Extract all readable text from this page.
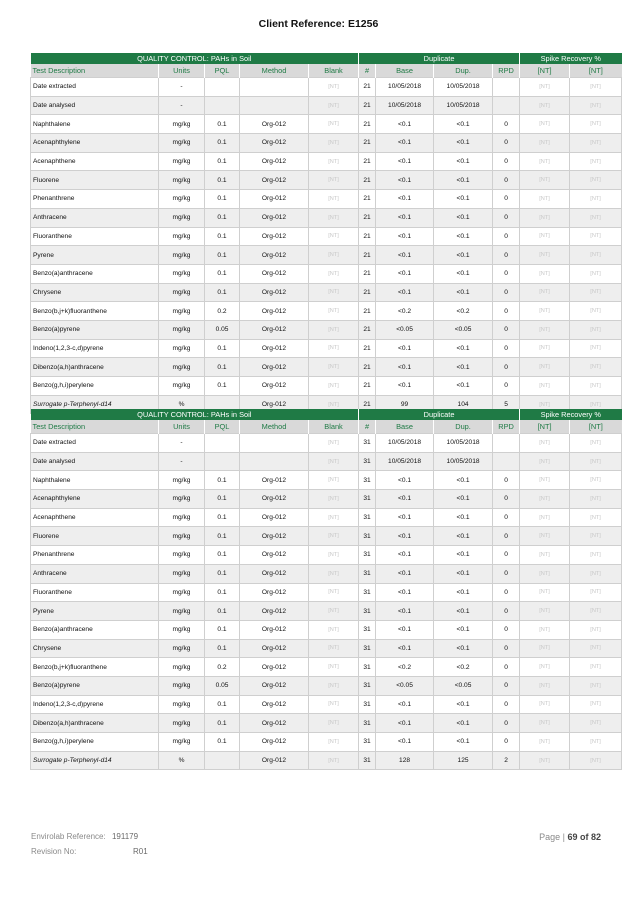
Client Reference: E1256
QUALITY CONTROL: PAHs in Soil					Duplicate				Spike Recovery %	
Test Description	Units	PQL	Method	Blank	#	Base	Dup.	RPD	[NT]	[NT]
Date extracted	-			[NT]	21	10/05/2018	10/05/2018		[NT]	[NT]
Date analysed	-			[NT]	21	10/05/2018	10/05/2018		[NT]	[NT]
Naphthalene	mg/kg	0.1	Org-012	[NT]	21	<0.1	<0.1	0	[NT]	[NT]
Acenaphthylene	mg/kg	0.1	Org-012	[NT]	21	<0.1	<0.1	0	[NT]	[NT]
Acenaphthene	mg/kg	0.1	Org-012	[NT]	21	<0.1	<0.1	0	[NT]	[NT]
Fluorene	mg/kg	0.1	Org-012	[NT]	21	<0.1	<0.1	0	[NT]	[NT]
Phenanthrene	mg/kg	0.1	Org-012	[NT]	21	<0.1	<0.1	0	[NT]	[NT]
Anthracene	mg/kg	0.1	Org-012	[NT]	21	<0.1	<0.1	0	[NT]	[NT]
Fluoranthene	mg/kg	0.1	Org-012	[NT]	21	<0.1	<0.1	0	[NT]	[NT]
Pyrene	mg/kg	0.1	Org-012	[NT]	21	<0.1	<0.1	0	[NT]	[NT]
Benzo(a)anthracene	mg/kg	0.1	Org-012	[NT]	21	<0.1	<0.1	0	[NT]	[NT]
Chrysene	mg/kg	0.1	Org-012	[NT]	21	<0.1	<0.1	0	[NT]	[NT]
Benzo(b,j+k)fluoranthene	mg/kg	0.2	Org-012	[NT]	21	<0.2	<0.2	0	[NT]	[NT]
Benzo(a)pyrene	mg/kg	0.05	Org-012	[NT]	21	<0.05	<0.05	0	[NT]	[NT]
Indeno(1,2,3-c,d)pyrene	mg/kg	0.1	Org-012	[NT]	21	<0.1	<0.1	0	[NT]	[NT]
Dibenzo(a,h)anthracene	mg/kg	0.1	Org-012	[NT]	21	<0.1	<0.1	0	[NT]	[NT]
Benzo(g,h,i)perylene	mg/kg	0.1	Org-012	[NT]	21	<0.1	<0.1	0	[NT]	[NT]
Surrogate p-Terphenyl-d14	%		Org-012	[NT]	21	99	104	5	[NT]	[NT]
QUALITY CONTROL: PAHs in Soil					Duplicate				Spike Recovery %	
Test Description	Units	PQL	Method	Blank	#	Base	Dup.	RPD	[NT]	[NT]
Date extracted	-			[NT]	31	10/05/2018	10/05/2018		[NT]	[NT]
Date analysed	-			[NT]	31	10/05/2018	10/05/2018		[NT]	[NT]
Naphthalene	mg/kg	0.1	Org-012	[NT]	31	<0.1	<0.1	0	[NT]	[NT]
Acenaphthylene	mg/kg	0.1	Org-012	[NT]	31	<0.1	<0.1	0	[NT]	[NT]
Acenaphthene	mg/kg	0.1	Org-012	[NT]	31	<0.1	<0.1	0	[NT]	[NT]
Fluorene	mg/kg	0.1	Org-012	[NT]	31	<0.1	<0.1	0	[NT]	[NT]
Phenanthrene	mg/kg	0.1	Org-012	[NT]	31	<0.1	<0.1	0	[NT]	[NT]
Anthracene	mg/kg	0.1	Org-012	[NT]	31	<0.1	<0.1	0	[NT]	[NT]
Fluoranthene	mg/kg	0.1	Org-012	[NT]	31	<0.1	<0.1	0	[NT]	[NT]
Pyrene	mg/kg	0.1	Org-012	[NT]	31	<0.1	<0.1	0	[NT]	[NT]
Benzo(a)anthracene	mg/kg	0.1	Org-012	[NT]	31	<0.1	<0.1	0	[NT]	[NT]
Chrysene	mg/kg	0.1	Org-012	[NT]	31	<0.1	<0.1	0	[NT]	[NT]
Benzo(b,j+k)fluoranthene	mg/kg	0.2	Org-012	[NT]	31	<0.2	<0.2	0	[NT]	[NT]
Benzo(a)pyrene	mg/kg	0.05	Org-012	[NT]	31	<0.05	<0.05	0	[NT]	[NT]
Indeno(1,2,3-c,d)pyrene	mg/kg	0.1	Org-012	[NT]	31	<0.1	<0.1	0	[NT]	[NT]
Dibenzo(a,h)anthracene	mg/kg	0.1	Org-012	[NT]	31	<0.1	<0.1	0	[NT]	[NT]
Benzo(g,h,i)perylene	mg/kg	0.1	Org-012	[NT]	31	<0.1	<0.1	0	[NT]	[NT]
Surrogate p-Terphenyl-d14	%		Org-012	[NT]	31	128	125	2	[NT]	[NT]
Envirolab Reference: 191179
Revision No:	R01
Page | 69 of 82
